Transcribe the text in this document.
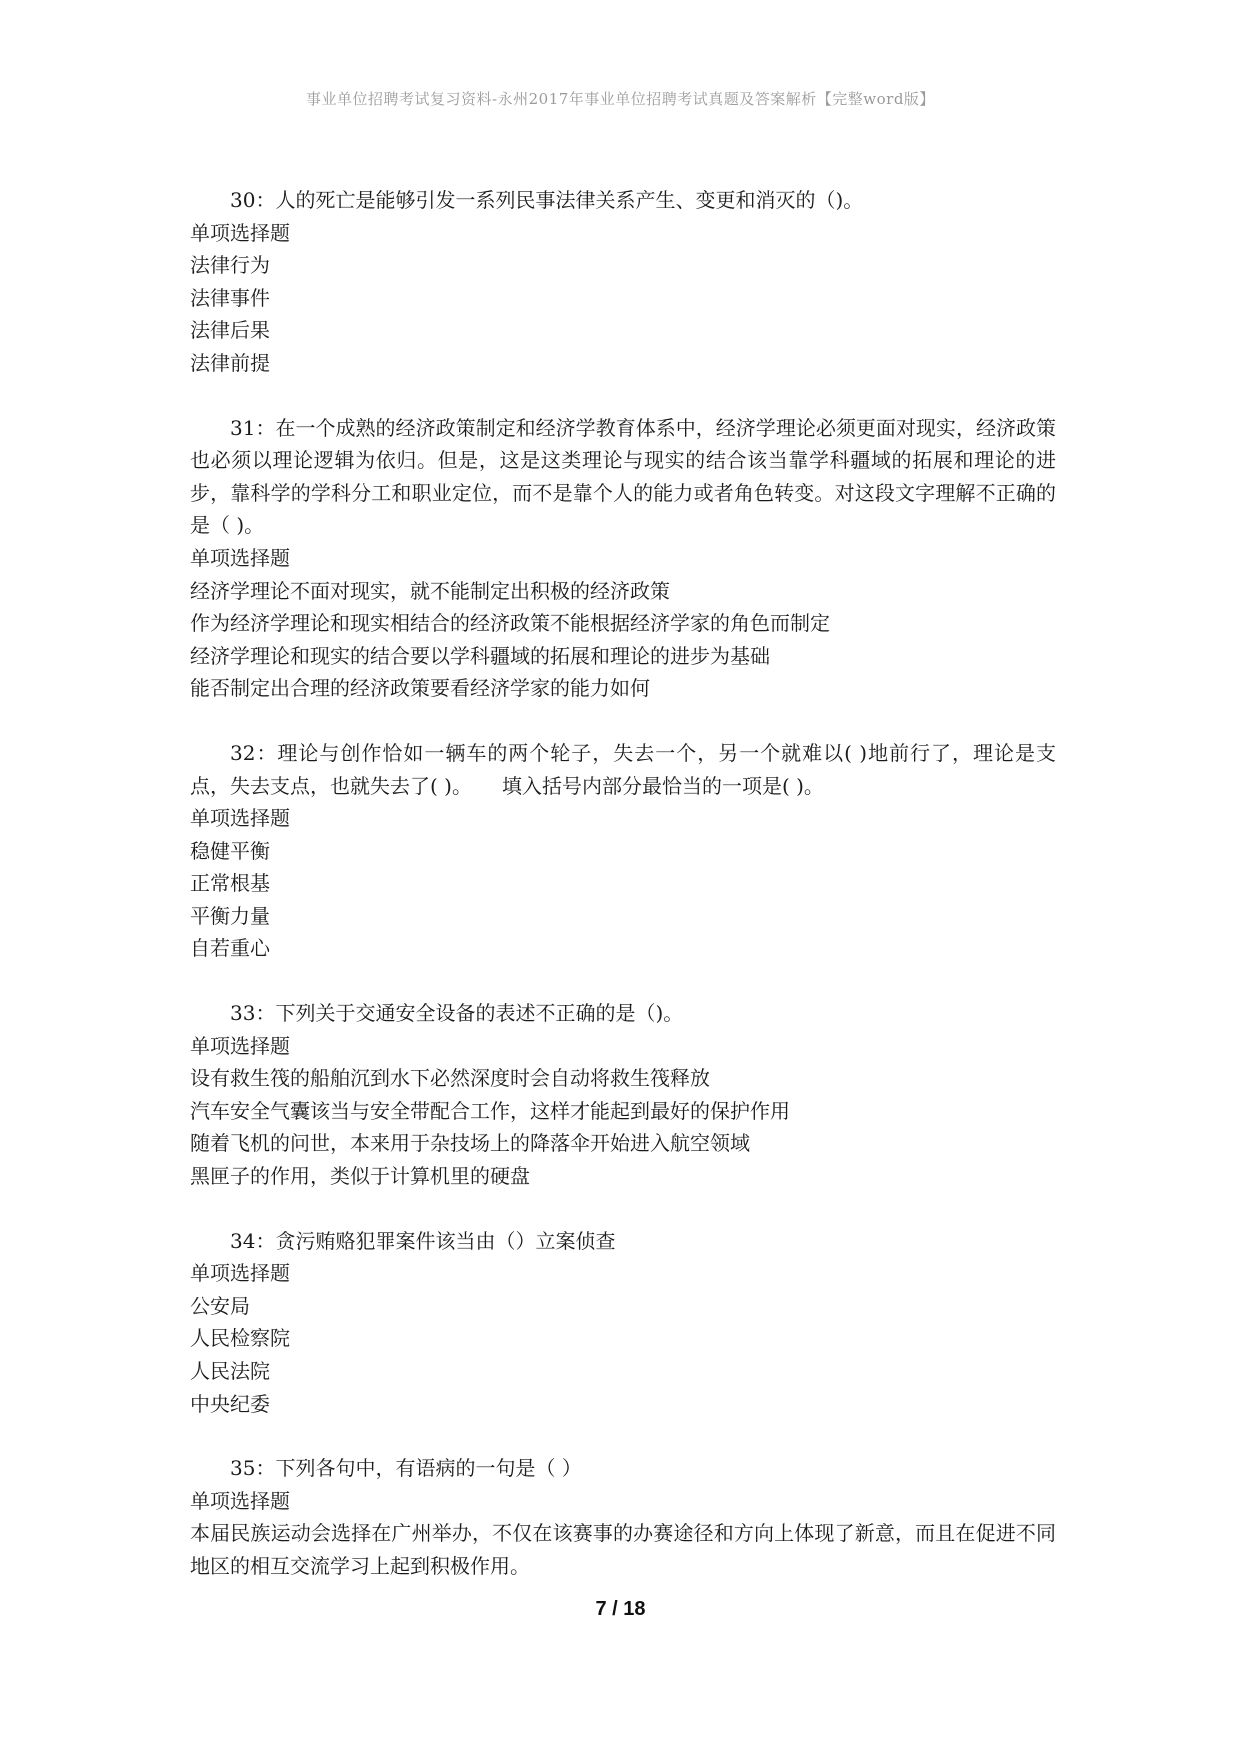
事业单位招聘考试复习资料-永州2017年事业单位招聘考试真题及答案解析【完整word版】

30：人的死亡是能够引发一系列民事法律关系产生、变更和消灭的（)。

单项选择题
法律行为
法律事件
法律后果
法律前提

31：在一个成熟的经济政策制定和经济学教育体系中，经济学理论必须更面对现实，经济政策也必须以理论逻辑为依归。但是，这是这类理论与现实的结合该当靠学科疆域的拓展和理论的进步，靠科学的学科分工和职业定位，而不是靠个人的能力或者角色转变。对这段文字理解不正确的是（ )。

单项选择题
经济学理论不面对现实，就不能制定出积极的经济政策
作为经济学理论和现实相结合的经济政策不能根据经济学家的角色而制定
经济学理论和现实的结合要以学科疆域的拓展和理论的进步为基础
能否制定出合理的经济政策要看经济学家的能力如何

32：理论与创作恰如一辆车的两个轮子，失去一个，另一个就难以( )地前行了，理论是支点，失去支点，也就失去了( )。　　填入括号内部分最恰当的一项是( )。

单项选择题
稳健平衡
正常根基
平衡力量
自若重心

33：下列关于交通安全设备的表述不正确的是（)。

单项选择题
设有救生筏的船舶沉到水下必然深度时会自动将救生筏释放
汽车安全气囊该当与安全带配合工作，这样才能起到最好的保护作用
随着飞机的问世，本来用于杂技场上的降落伞开始进入航空领域
黑匣子的作用，类似于计算机里的硬盘

34：贪污贿赂犯罪案件该当由（）立案侦查

单项选择题
公安局
人民检察院
人民法院
中央纪委

35：下列各句中，有语病的一句是（ ）

单项选择题

本届民族运动会选择在广州举办，不仅在该赛事的办赛途径和方向上体现了新意，而且在促进不同地区的相互交流学习上起到积极作用。

7 / 18
